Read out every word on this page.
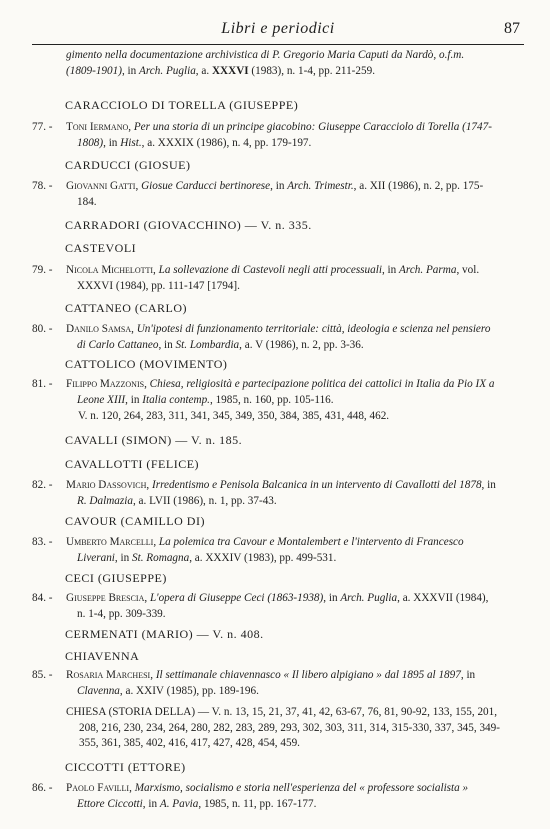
Libri e periodici	87
gimento nella documentazione archivistica di P. Gregorio Maria Caputi da Nardò, o.f.m. (1809-1901), in Arch. Puglia, a. XXXVI (1983), n. 1-4, pp. 211-259.
CARACCIOLO DI TORELLA (GIUSEPPE)
77. - Toni Iermano, Per una storia di un principe giacobino: Giuseppe Caracciolo di Torella (1747-1808), in Hist., a. XXXIX (1986), n. 4, pp. 179-197.
CARDUCCI (GIOSUE)
78. - Giovanni Gatti, Giosue Carducci bertinorese, in Arch. Trimestr., a. XII (1986), n. 2, pp. 175-184.
CARRADORI (GIOVACCHINO) — V. n. 335.
CASTEVOLI
79. - Nicola Michelotti, La sollevazione di Castevoli negli atti processuali, in Arch. Parma, vol. XXXVI (1984), pp. 111-147 [1794].
CATTANEO (CARLO)
80. - Danilo Samsa, Un'ipotesi di funzionamento territoriale: città, ideologia e scienza nel pensiero di Carlo Cattaneo, in St. Lombardia, a. V (1986), n. 2, pp. 3-36.
CATTOLICO (MOVIMENTO)
81. - Filippo Mazzonis, Chiesa, religiosità e partecipazione politica dei cattolici in Italia da Pio IX a Leone XIII, in Italia contemp., 1985, n. 160, pp. 105-116.
V. n. 120, 264, 283, 311, 341, 345, 349, 350, 384, 385, 431, 448, 462.
CAVALLI (SIMON) — V. n. 185.
CAVALLOTTI (FELICE)
82. - Mario Dassovich, Irredentismo e Penisola Balcanica in un intervento di Cavallotti del 1878, in R. Dalmazia, a. LVII (1986), n. 1, pp. 37-43.
CAVOUR (CAMILLO DI)
83. - Umberto Marcelli, La polemica tra Cavour e Montalembert e l'intervento di Francesco Liverani, in St. Romagna, a. XXXIV (1983), pp. 499-531.
CECI (GIUSEPPE)
84. - Giuseppe Brescia, L'opera di Giuseppe Ceci (1863-1938), in Arch. Puglia, a. XXXVII (1984), n. 1-4, pp. 309-339.
CERMENATI (MARIO) — V. n. 408.
CHIAVENNA
85. - Rosaria Marchesi, Il settimanale chiavennasco « Il libero alpigiano » dal 1895 al 1897, in Clavenna, a. XXIV (1985), pp. 189-196.
CHIESA (STORIA DELLA) — V. n. 13, 15, 21, 37, 41, 42, 63-67, 76, 81, 90-92, 133, 155, 201, 208, 216, 230, 234, 264, 280, 282, 283, 289, 293, 302, 303, 311, 314, 315-330, 337, 345, 349-355, 361, 385, 402, 416, 417, 427, 428, 454, 459.
CICCOTTI (ETTORE)
86. - Paolo Favilli, Marxismo, socialismo e storia nell'esperienza del « professore socialista » Ettore Ciccotti, in A. Pavia, 1985, n. 11, pp. 167-177.
